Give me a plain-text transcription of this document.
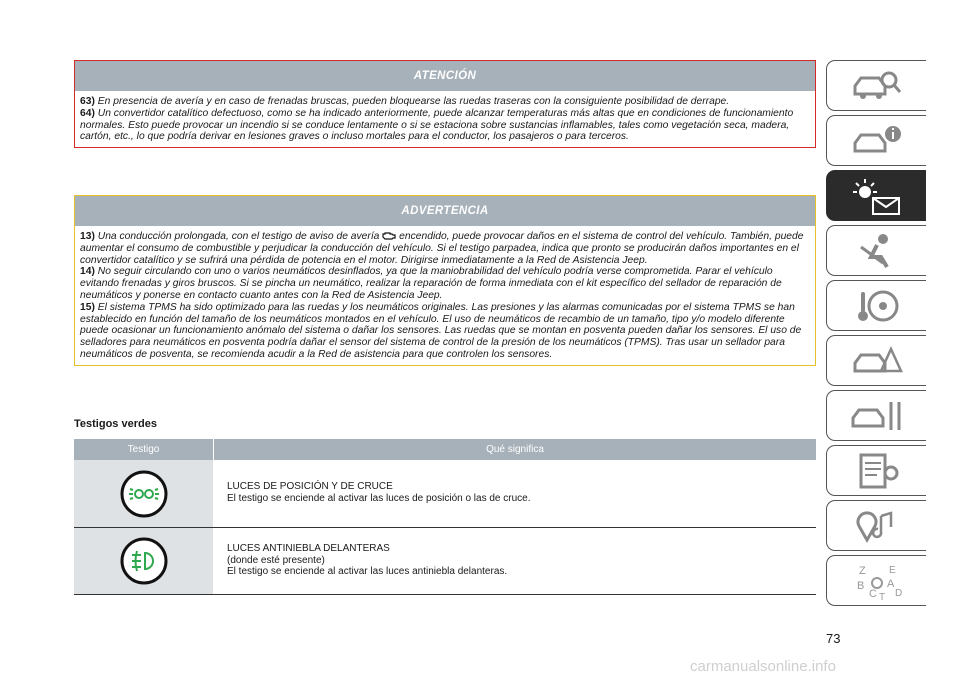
ATENCIÓN

63) En presencia de avería y en caso de frenadas bruscas, pueden bloquearse las ruedas traseras con la consiguiente posibilidad de derrape.

64) Un convertidor catalítico defectuoso, como se ha indicado anteriormente, puede alcanzar temperaturas más altas que en condiciones de funcionamiento normales. Esto puede provocar un incendio si se conduce lentamente o si se estaciona sobre sustancias inflamables, tales como vegetación seca, madera, cartón, etc., lo que podría derivar en lesiones graves o incluso mortales para el conductor, los pasajeros o para terceros.

ADVERTENCIA

13) Una conducción prolongada, con el testigo de aviso de avería encendido, puede provocar daños en el sistema de control del vehículo. También, puede aumentar el consumo de combustible y perjudicar la conducción del vehículo. Si el testigo parpadea, indica que pronto se producirán daños importantes en el convertidor catalítico y se sufrirá una pérdida de potencia en el motor. Dirigirse inmediatamente a la Red de Asistencia Jeep.

14) No seguir circulando con uno o varios neumáticos desinflados, ya que la maniobrabilidad del vehículo podría verse comprometida. Parar el vehículo evitando frenadas y giros bruscos. Si se pincha un neumático, realizar la reparación de forma inmediata con el kit específico del sellador de reparación de neumáticos y ponerse en contacto cuanto antes con la Red de Asistencia Jeep.

15) El sistema TPMS ha sido optimizado para las ruedas y los neumáticos originales. Las presiones y las alarmas comunicadas por el sistema TPMS se han establecido en función del tamaño de los neumáticos montados en el vehículo. El uso de neumáticos de recambio de un tamaño, tipo y/o modelo diferente puede ocasionar un funcionamiento anómalo del sistema o dañar los sensores. Las ruedas que se montan en posventa pueden dañar los sensores. El uso de selladores para neumáticos en posventa podría dañar el sensor del sistema de control de la presión de los neumáticos (TPMS). Tras usar un sellador para neumáticos de posventa, se recomienda acudir a la Red de asistencia para que controlen los sensores.

Testigos verdes
Testigo	Qué significa
LUCES DE POSICIÓN Y DE CRUCE
El testigo se enciende al activar las luces de posición o las de cruce.
LUCES ANTINIEBLA DELANTERAS
(donde esté presente)
El testigo se enciende al activar las luces antiniebla delanteras.	Z E
B A
C T D
73
carmanualsonline.info
